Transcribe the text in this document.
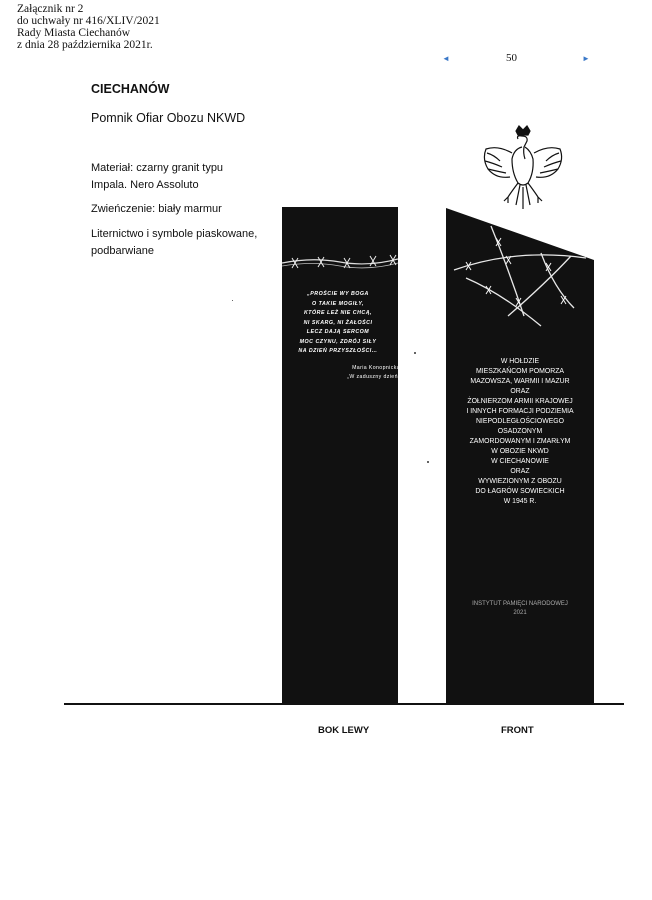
Załącznik nr 2
do uchwały nr 416/XLIV/2021
Rady Miasta Ciechanów
z dnia 28 października 2021r.
◄	50	►
CIECHANÓW
Pomnik Ofiar Obozu NKWD
Materiał: czarny granit typu Impala. Nero Assoluto
Zwieńczenie: biały marmur
Liternictwo i symbole piaskowane, podbarwiane
„PROŚCIE WY BOGA
O TAKIE MOGIŁY,
KTÓRE LEŻ NIE CHCĄ,
NI SKARG, NI ŻAŁOŚCI
LECZ DAJĄ SERCOM
MOC CZYNU, ZDRÓJ SIŁY
NA DZIEŃ PRZYSZŁOŚCI…
Maria Konopnicka
„W zaduszny dzień”
W HOŁDZIE
MIESZKAŃCOM POMORZA
MAZOWSZA, WARMII I MAZUR
ORAZ
ŻOŁNIERZOM ARMII KRAJOWEJ
I INNYCH FORMACJI PODZIEMIA
NIEPODLEGŁOŚCIOWEGO
OSADZONYM
ZAMORDOWANYM I ZMARŁYM
W OBOZIE NKWD
W CIECHANOWIE
ORAZ
WYWIEZIONYM Z OBOZU
DO ŁAGRÓW SOWIECKICH
W 1945 R.
INSTYTUT PAMIĘCI NARODOWEJ
2021
BOK LEWY	FRONT
